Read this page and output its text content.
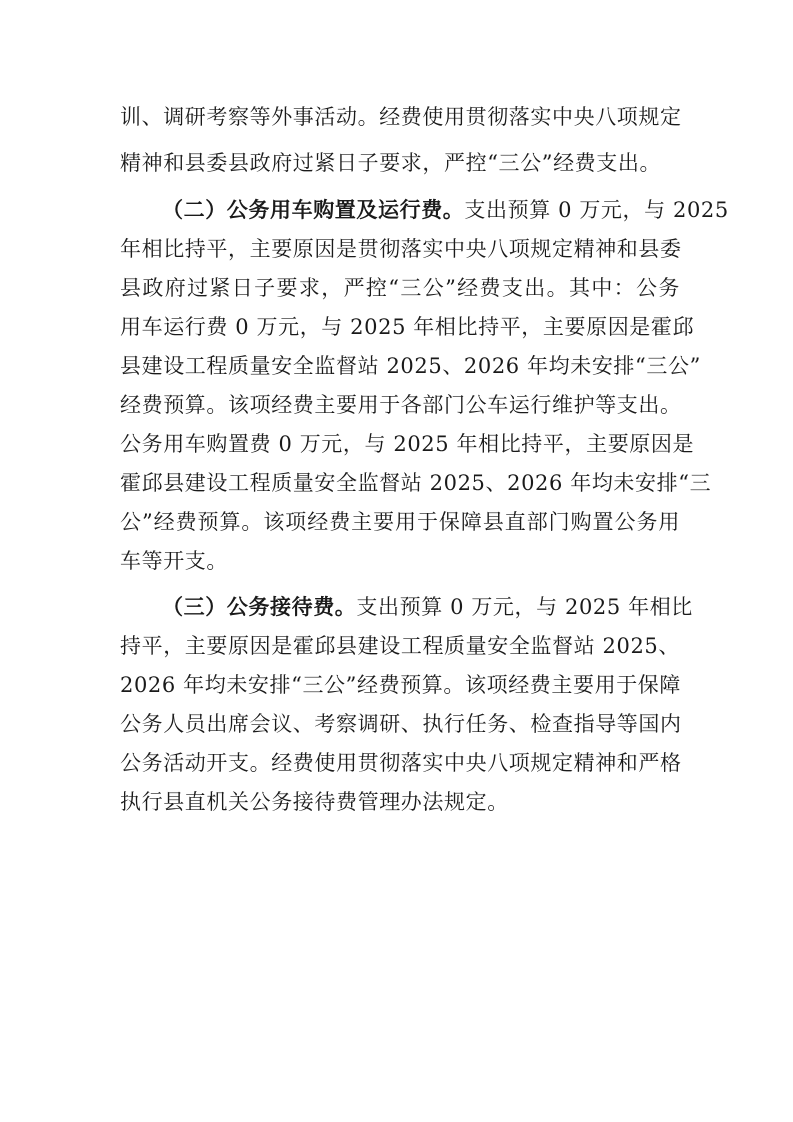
训、调研考察等外事活动。经费使用贯彻落实中央八项规定
精神和县委县政府过紧日子要求，严控“三公”经费支出。
（二）公务用车购置及运行费。支出预算 0 万元，与 2025
年相比持平，主要原因是贯彻落实中央八项规定精神和县委
县政府过紧日子要求，严控“三公”经费支出。其中：公务
用车运行费 0 万元，与 2025 年相比持平，主要原因是霍邱
县建设工程质量安全监督站 2025、2026 年均未安排“三公”
经费预算。该项经费主要用于各部门公车运行维护等支出。
公务用车购置费 0 万元，与 2025 年相比持平，主要原因是
霍邱县建设工程质量安全监督站 2025、2026 年均未安排“三
公”经费预算。该项经费主要用于保障县直部门购置公务用
车等开支。
（三）公务接待费。支出预算 0 万元，与 2025 年相比
持平，主要原因是霍邱县建设工程质量安全监督站 2025、
2026 年均未安排“三公”经费预算。该项经费主要用于保障
公务人员出席会议、考察调研、执行任务、检查指导等国内
公务活动开支。经费使用贯彻落实中央八项规定精神和严格
执行县直机关公务接待费管理办法规定。
